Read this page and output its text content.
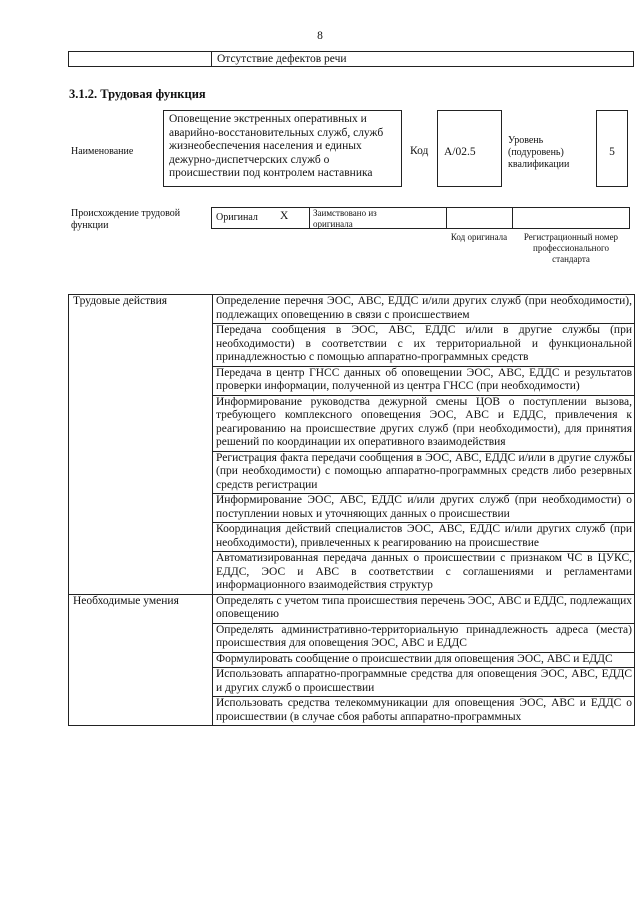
8
Отсутствие дефектов речи
3.1.2. Трудовая функция
Наименование
Оповещение экстренных оперативных и аварийно-восстановительных служб, служб жизнеобеспечения населения и единых дежурно-диспетчерских служб о происшествии под контролем наставника
Код	A/02.5
Уровень (подуровень) квалификации
5
Происхождение трудовой функции
Оригинал X	Заимствовано из оригинала
Код оригинала	Регистрационный номер профессионального стандарта
Трудовые действия	Определение перечня ЭОС, АВС, ЕДДС и/или других служб (при необходимости), подлежащих оповещению в связи с происшествием
	Передача сообщения в ЭОС, АВС, ЕДДС и/или в другие службы (при необходимости) в соответствии с их территориальной и функциональной принадлежностью с помощью аппаратно-программных средств
	Передача в центр ГНСС данных об оповещении ЭОС, АВС, ЕДДС и результатов проверки информации, полученной из центра ГНСС (при необходимости)
	Информирование руководства дежурной смены ЦОВ о поступлении вызова, требующего комплексного оповещения ЭОС, АВС и ЕДДС, привлечения к реагированию на происшествие других служб (при необходимости), для принятия решений по координации их оперативного взаимодействия
	Регистрация факта передачи сообщения в ЭОС, АВС, ЕДДС и/или в другие службы (при необходимости) с помощью аппаратно-программных средств либо резервных средств регистрации
	Информирование ЭОС, АВС, ЕДДС и/или других служб (при необходимости) о поступлении новых и уточняющих данных о происшествии
	Координация действий специалистов ЭОС, АВС, ЕДДС и/или других служб (при необходимости), привлеченных к реагированию на происшествие
	Автоматизированная передача данных о происшествии с признаком ЧС в ЦУКС, ЕДДС, ЭОС и АВС в соответствии с соглашениями и регламентами информационного взаимодействия структур
Необходимые умения	Определять с учетом типа происшествия перечень ЭОС, АВС и ЕДДС, подлежащих оповещению
	Определять административно-территориальную принадлежность адреса (места) происшествия для оповещения ЭОС, АВС и ЕДДС
	Формулировать сообщение о происшествии для оповещения ЭОС, АВС и ЕДДС
	Использовать аппаратно-программные средства для оповещения ЭОС, АВС, ЕДДС и других служб о происшествии
	Использовать средства телекоммуникации для оповещения ЭОС, АВС и ЕДДС о происшествии (в случае сбоя работы аппаратно-программных
